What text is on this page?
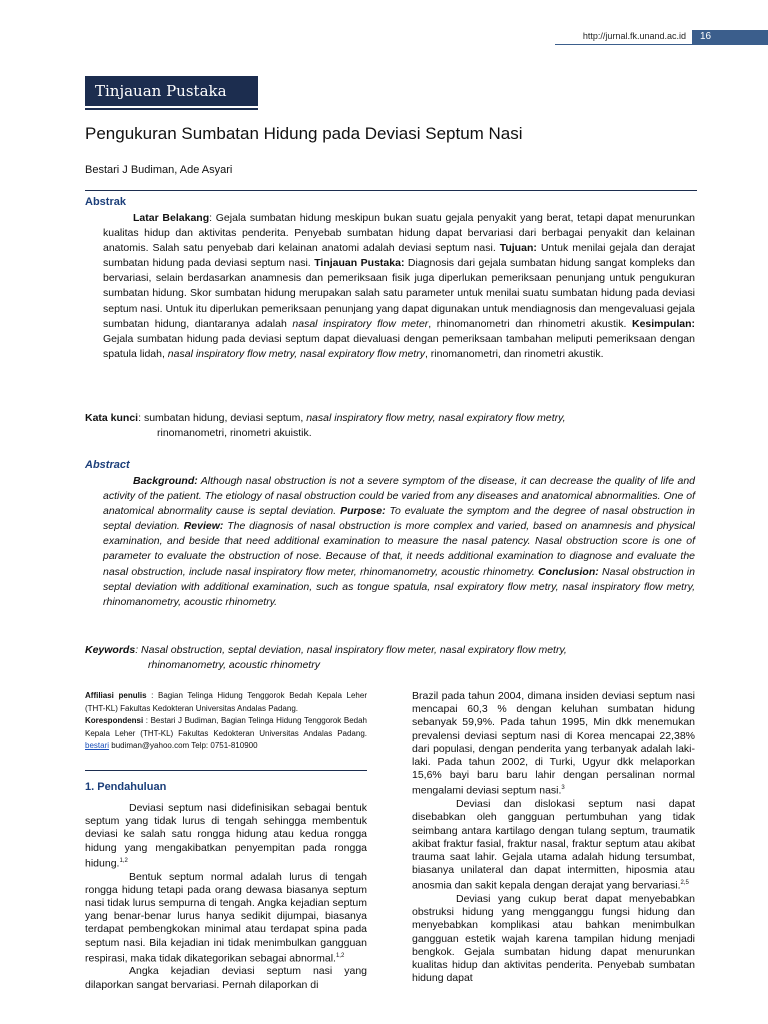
http://jurnal.fk.unand.ac.id	16
Tinjauan Pustaka
Pengukuran Sumbatan Hidung pada Deviasi Septum Nasi
Bestari J Budiman, Ade Asyari
Abstrak

Latar Belakang: Gejala sumbatan hidung meskipun bukan suatu gejala penyakit yang berat, tetapi dapat menurunkan kualitas hidup dan aktivitas penderita. Penyebab sumbatan hidung dapat bervariasi dari berbagai penyakit dan kelainan anatomis. Salah satu penyebab dari kelainan anatomi adalah deviasi septum nasi. Tujuan: Untuk menilai gejala dan derajat sumbatan hidung pada deviasi septum nasi. Tinjauan Pustaka: Diagnosis dari gejala sumbatan hidung sangat kompleks dan bervariasi, selain berdasarkan anamnesis dan pemeriksaan fisik juga diperlukan pemeriksaan penunjang untuk pengukuran sumbatan hidung. Skor sumbatan hidung merupakan salah satu parameter untuk menilai suatu sumbatan hidung pada deviasi septum nasi. Untuk itu diperlukan pemeriksaan penunjang yang dapat digunakan untuk mendiagnosis dan mengevaluasi gejala sumbatan hidung, diantaranya adalah nasal inspiratory flow meter, rhinomanometri dan rhinometri akustik. Kesimpulan: Gejala sumbatan hidung pada deviasi septum dapat dievaluasi dengan pemeriksaan tambahan meliputi pemeriksaan dengan spatula lidah, nasal inspiratory flow metry, nasal expiratory flow metry, rinomanometri, dan rinometri akustik.

Kata kunci: sumbatan hidung, deviasi septum, nasal inspiratory flow metry, nasal expiratory flow metry,
rinomanometri, rinometri akuistik.
Abstract

Background: Although nasal obstruction is not a severe symptom of the disease, it can decrease the quality of life and activity of the patient. The etiology of nasal obstruction could be varied from any diseases and anatomical abnormalities. One of anatomical abnormality cause is septal deviation. Purpose: To evaluate the symptom and the degree of nasal obstruction in septal deviation. Review: The diagnosis of nasal obstruction is more complex and varied, based on anamnesis and physical examination, and beside that need additional examination to measure the nasal patency. Nasal obstruction score is one of parameter to evaluate the obstruction of nose. Because of that, it needs additional examination to diagnose and evaluate the nasal obstruction, include nasal inspiratory flow meter, rhinomanometry, acoustic rhinometry. Conclusion: Nasal obstruction in septal deviation with additional examination, such as tongue spatula, nsal expiratory flow metry, nasal inspiratory flow metry, rhinomanometry, acoustic rhinometry.

Keywords: Nasal obstruction, septal deviation, nasal inspiratory flow meter, nasal expiratory flow metry,
rhinomanometry, acoustic rhinometry
Affiliasi penulis : Bagian Telinga Hidung Tenggorok Bedah Kepala Leher (THT-KL) Fakultas Kedokteran Universitas Andalas Padang.
Korespondensi : Bestari J Budiman, Bagian Telinga Hidung Tenggorok Bedah Kepala Leher (THT-KL) Fakultas Kedokteran Universitas Andalas Padang. bestari budiman@yahoo.com Telp: 0751-810900
1. Pendahuluan

Deviasi septum nasi didefinisikan sebagai bentuk septum yang tidak lurus di tengah sehingga membentuk deviasi ke salah satu rongga hidung atau kedua rongga hidung yang mengakibatkan penyempitan pada rongga hidung.$^{1,2}$

Bentuk septum normal adalah lurus di tengah rongga hidung tetapi pada orang dewasa biasanya septum nasi tidak lurus sempurna di tengah. Angka kejadian septum yang benar-benar lurus hanya sedikit dijumpai, biasanya terdapat pembengkokan minimal atau terdapat spina pada septum nasi. Bila kejadian ini tidak menimbulkan gangguan respirasi, maka tidak dikategorikan sebagai abnormal.$^{1,2}$

Angka kejadian deviasi septum nasi yang dilaporkan sangat bervariasi. Pernah dilaporkan di

Brazil pada tahun 2004, dimana insiden deviasi septum nasi mencapai 60,3 % dengan keluhan sumbatan hidung sebanyak 59,9%. Pada tahun 1995, Min dkk menemukan prevalensi deviasi septum nasi di Korea mencapai 22,38% dari populasi, dengan penderita yang terbanyak adalah laki-laki. Pada tahun 2002, di Turki, Ugyur dkk melaporkan 15,6% bayi baru baru lahir dengan persalinan normal mengalami deviasi septum nasi.$^3$

Deviasi dan dislokasi septum nasi dapat disebabkan oleh gangguan pertumbuhan yang tidak seimbang antara kartilago dengan tulang septum, traumatik akibat fraktur fasial, fraktur nasal, fraktur septum atau akibat trauma saat lahir. Gejala utama adalah hidung tersumbat, biasanya unilateral dan dapat intermitten, hiposmia atau anosmia dan sakit kepala dengan derajat yang bervariasi.$^{2,5}$

Deviasi yang cukup berat dapat menyebabkan obstruksi hidung yang mengganggu fungsi hidung dan menyebabkan komplikasi atau bahkan menimbulkan gangguan estetik wajah karena tampilan hidung menjadi bengkok. Gejala sumbatan hidung dapat menurunkan kualitas hidup dan aktivitas penderita. Penyebab sumbatan hidung dapat
